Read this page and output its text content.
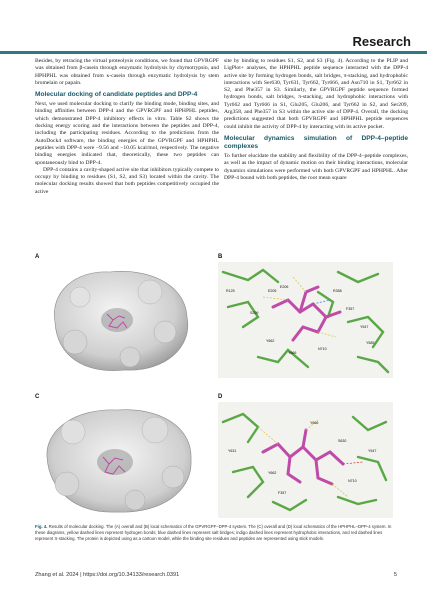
Research

Besides, by retracing the virtual proteolysis conditions, we found that GPVRGPF was obtained from β-casein through enzymatic hydrolysis by chymotrypsin, and HPHPHL was obtained from κ-casein through enzymatic hydrolysis by stem bromelain or papain.

Molecular docking of candidate peptides and DPP-4

Next, we used molecular docking to clarify the binding mode, binding sites, and binding affinities between DPP-4 and the GPVRGPF and HPHPHL peptides, which demonstrated DPP-4 inhibitory effects in vitro. Table S2 shows the docking energy scoring and the interactions between the peptides and DPP-4, including the participating residues. According to the predictions from the AutoDock4 software, the binding energies of the GPVRGPF and HPHPHL peptides with DPP-4 were −9.56 and −10.05 kcal/mol, respectively. The negative binding energies indicated that, theoretically, these two peptides can spontaneously bind to DPP-4.

DPP-4 contains a cavity-shaped active site that inhibitors typically compete to occupy by binding to residues (S1, S2, and S3) located within the cavity. The molecular docking results showed that both peptides competitively occupied the active

site by binding to residues S1, S2, and S3 (Fig. 4). According to the PLIP and LigPlot+ analyses, the HPHPHL peptide sequence interacted with the DPP-4 active site by forming hydrogen bonds, salt bridges, π-stacking, and hydrophobic interactions with Ser630, Tyr631, Tyr662, Tyr666, and Asn710 in S1, Tyr662 in S2, and Phe357 in S3. Similarly, the GPVRGPF peptide sequence formed hydrogen bonds, salt bridges, π-stacking, and hydrophobic interactions with Tyr662 and Tyr666 in S1, Glu205, Glu206, and Tyr662 in S2, and Ser209, Arg358, and Phe357 in S3 within the active site of DPP-4. Overall, the docking predictions suggested that both GPVRGPF and HPHPHL peptide sequences could inhibit the activity of DPP-4 by interacting with its active pocket.

Molecular dynamics simulation of DPP-4–peptide complexes

To further elucidate the stability and flexibility of the DPP-4–peptide complexes, as well as the impact of dynamic motion on their binding interactions, molecular dynamics simulations were performed with both GPVRGPF and HPHPHL. After DPP-4 bound with both peptides, the root mean square

A	B
C	D
R125	E205
E206
S209
R358
F357
Y662
Y666
N710
Y547
Y585
Y631
Y662
Y666
S630
N710
F357
Y547
Fig. 4. Results of molecular docking. The (A) overall and (B) local schematics of the GPVRGPF–DPP-4 system. The (C) overall and (D) local schematics of the HPHPHL–DPP-4 system. In these diagrams, yellow dashed lines represent hydrogen bonds; blue dashed lines represent salt bridges; indigo dashed lines represent hydrophobic interactions, and red dashed lines represent π-stacking. The protein is depicted using as a cartoon model, while the binding site residues and peptides are represented using stick models.
Zhang et al. 2024 | https://doi.org/10.34133/research.0391	5
